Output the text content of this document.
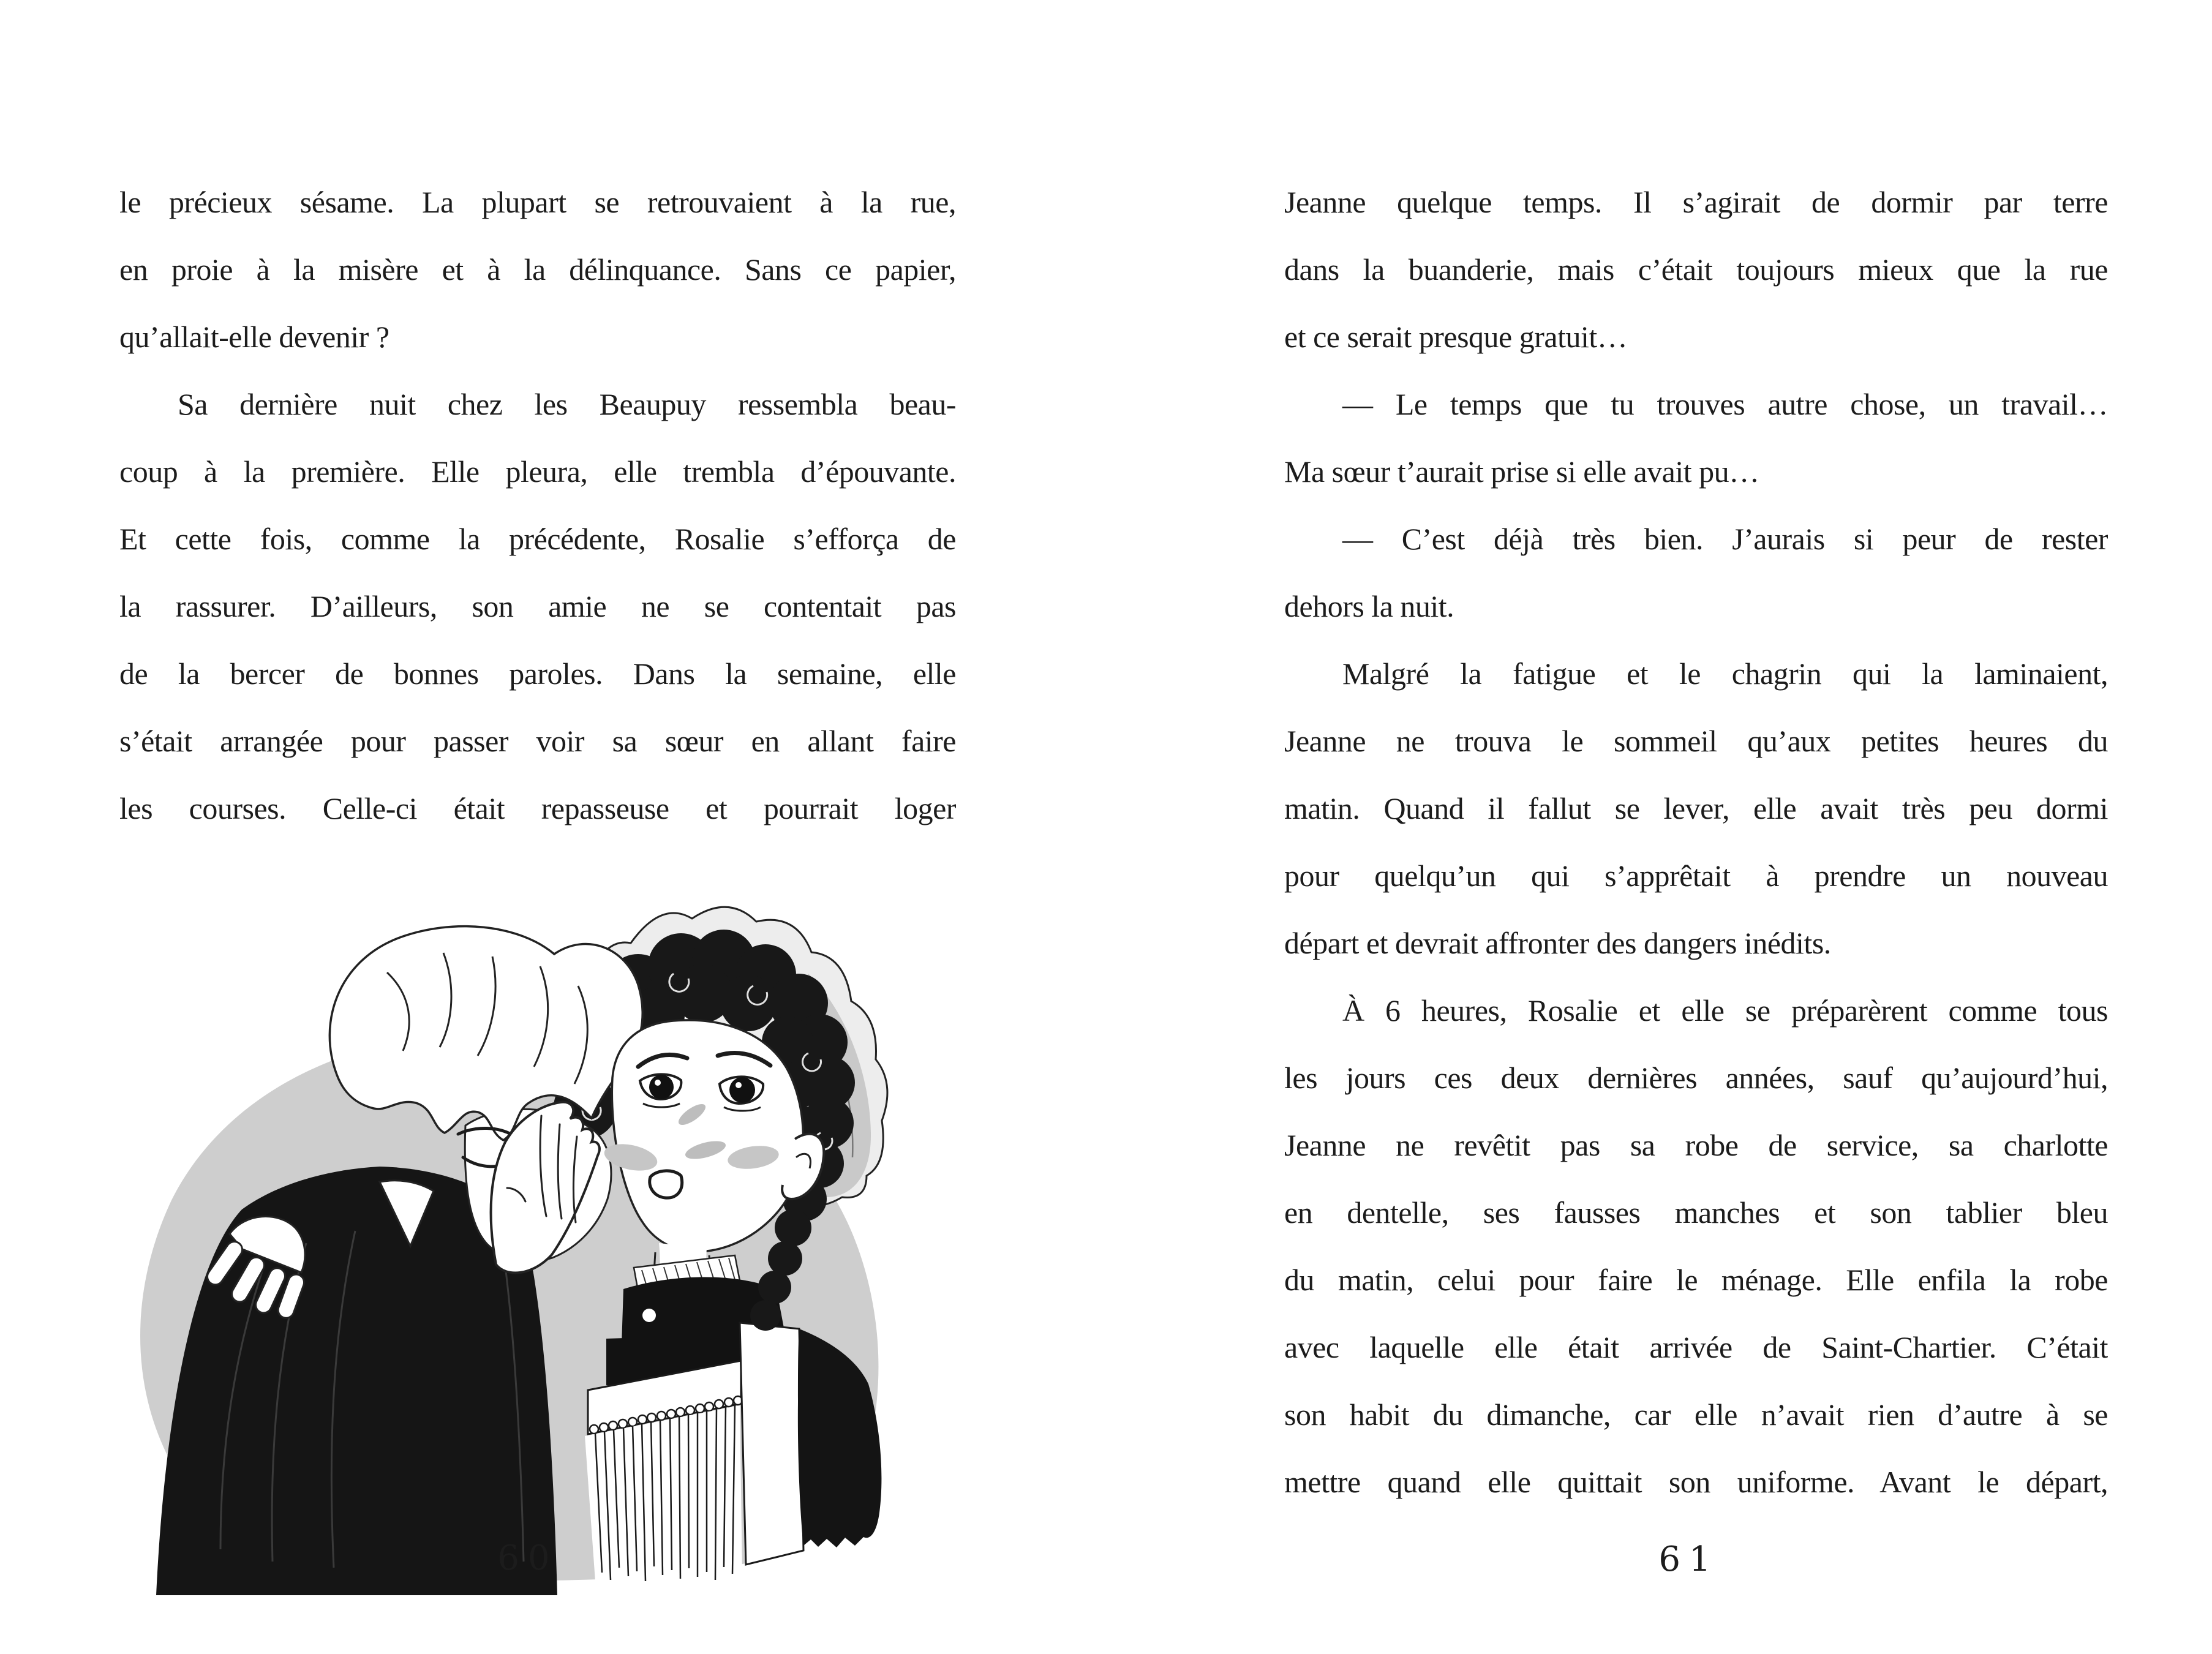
le précieux sésame. La plupart se retrouvaient à la rue,
en proie à la misère et à la délinquance. Sans ce papier,
qu’allait-elle devenir ?
Sa dernière nuit chez les Beaupuy ressembla beau-
coup à la première. Elle pleura, elle trembla d’épouvante.
Et cette fois, comme la précédente, Rosalie s’efforça de
la rassurer. D’ailleurs, son amie ne se contentait pas
de la bercer de bonnes paroles. Dans la semaine, elle
s’était arrangée pour passer voir sa sœur en allant faire
les courses. Celle-ci était repasseuse et pourrait loger
Jeanne quelque temps. Il s’agirait de dormir par terre
dans la buanderie, mais c’était toujours mieux que la rue
et ce serait presque gratuit…
— Le temps que tu trouves autre chose, un travail…
Ma sœur t’aurait prise si elle avait pu…
— C’est déjà très bien. J’aurais si peur de rester
dehors la nuit.
Malgré la fatigue et le chagrin qui la laminaient,
Jeanne ne trouva le sommeil qu’aux petites heures du
matin. Quand il fallut se lever, elle avait très peu dormi
pour quelqu’un qui s’apprêtait à prendre un nouveau
départ et devrait affronter des dangers inédits.
À 6 heures, Rosalie et elle se préparèrent comme tous
les jours ces deux dernières années, sauf qu’aujourd’hui,
Jeanne ne revêtit pas sa robe de service, sa charlotte
en dentelle, ses fausses manches et son tablier bleu
du matin, celui pour faire le ménage. Elle enfila la robe
avec laquelle elle était arrivée de Saint-Chartier. C’était
son habit du dimanche, car elle n’avait rien d’autre à se
mettre quand elle quittait son uniforme. Avant le départ,
60	61
